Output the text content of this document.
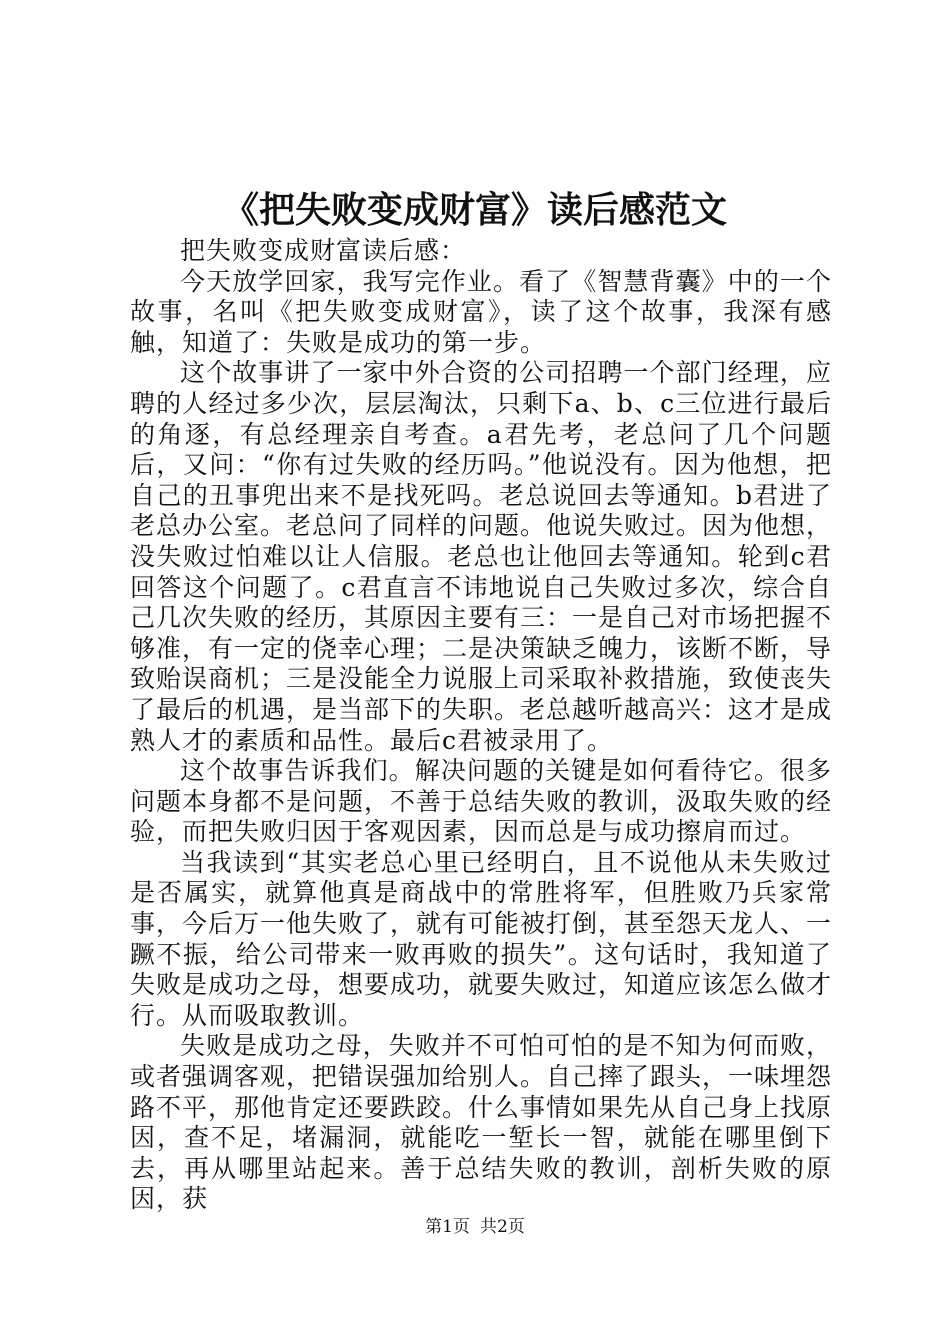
《把失败变成财富》读后感范文

把失败变成财富读后感：

今天放学回家，我写完作业。看了《智慧背囊》中的一个故事，名叫《把失败变成财富》，读了这个故事，我深有感触，知道了：失败是成功的第一步。

这个故事讲了一家中外合资的公司招聘一个部门经理，应聘的人经过多少次，层层淘汰，只剩下a、b、c三位进行最后的角逐，有总经理亲自考查。a君先考，老总问了几个问题后，又问：“你有过失败的经历吗。”他说没有。因为他想，把自己的丑事兜出来不是找死吗。老总说回去等通知。b君进了老总办公室。老总问了同样的问题。他说失败过。因为他想，没失败过怕难以让人信服。老总也让他回去等通知。轮到c君回答这个问题了。c君直言不讳地说自己失败过多次，综合自己几次失败的经历，其原因主要有三：一是自己对市场把握不够准，有一定的侥幸心理；二是决策缺乏魄力，该断不断，导致贻误商机；三是没能全力说服上司采取补救措施，致使丧失了最后的机遇，是当部下的失职。老总越听越高兴：这才是成熟人才的素质和品性。最后c君被录用了。

这个故事告诉我们。解决问题的关键是如何看待它。很多问题本身都不是问题，不善于总结失败的教训，汲取失败的经验，而把失败归因于客观因素，因而总是与成功擦肩而过。

当我读到“其实老总心里已经明白，且不说他从未失败过是否属实，就算他真是商战中的常胜将军，但胜败乃兵家常事，今后万一他失败了，就有可能被打倒，甚至怨天龙人、一蹶不振，给公司带来一败再败的损失”。这句话时，我知道了失败是成功之母，想要成功，就要失败过，知道应该怎么做才行。从而吸取教训。

失败是成功之母，失败并不可怕可怕的是不知为何而败，或者强调客观，把错误强加给别人。自己摔了跟头，一味埋怨路不平，那他肯定还要跌跤。什么事情如果先从自己身上找原因，查不足，堵漏洞，就能吃一堑长一智，就能在哪里倒下去，再从哪里站起来。善于总结失败的教训，剖析失败的原因，获

第1页 共2页
